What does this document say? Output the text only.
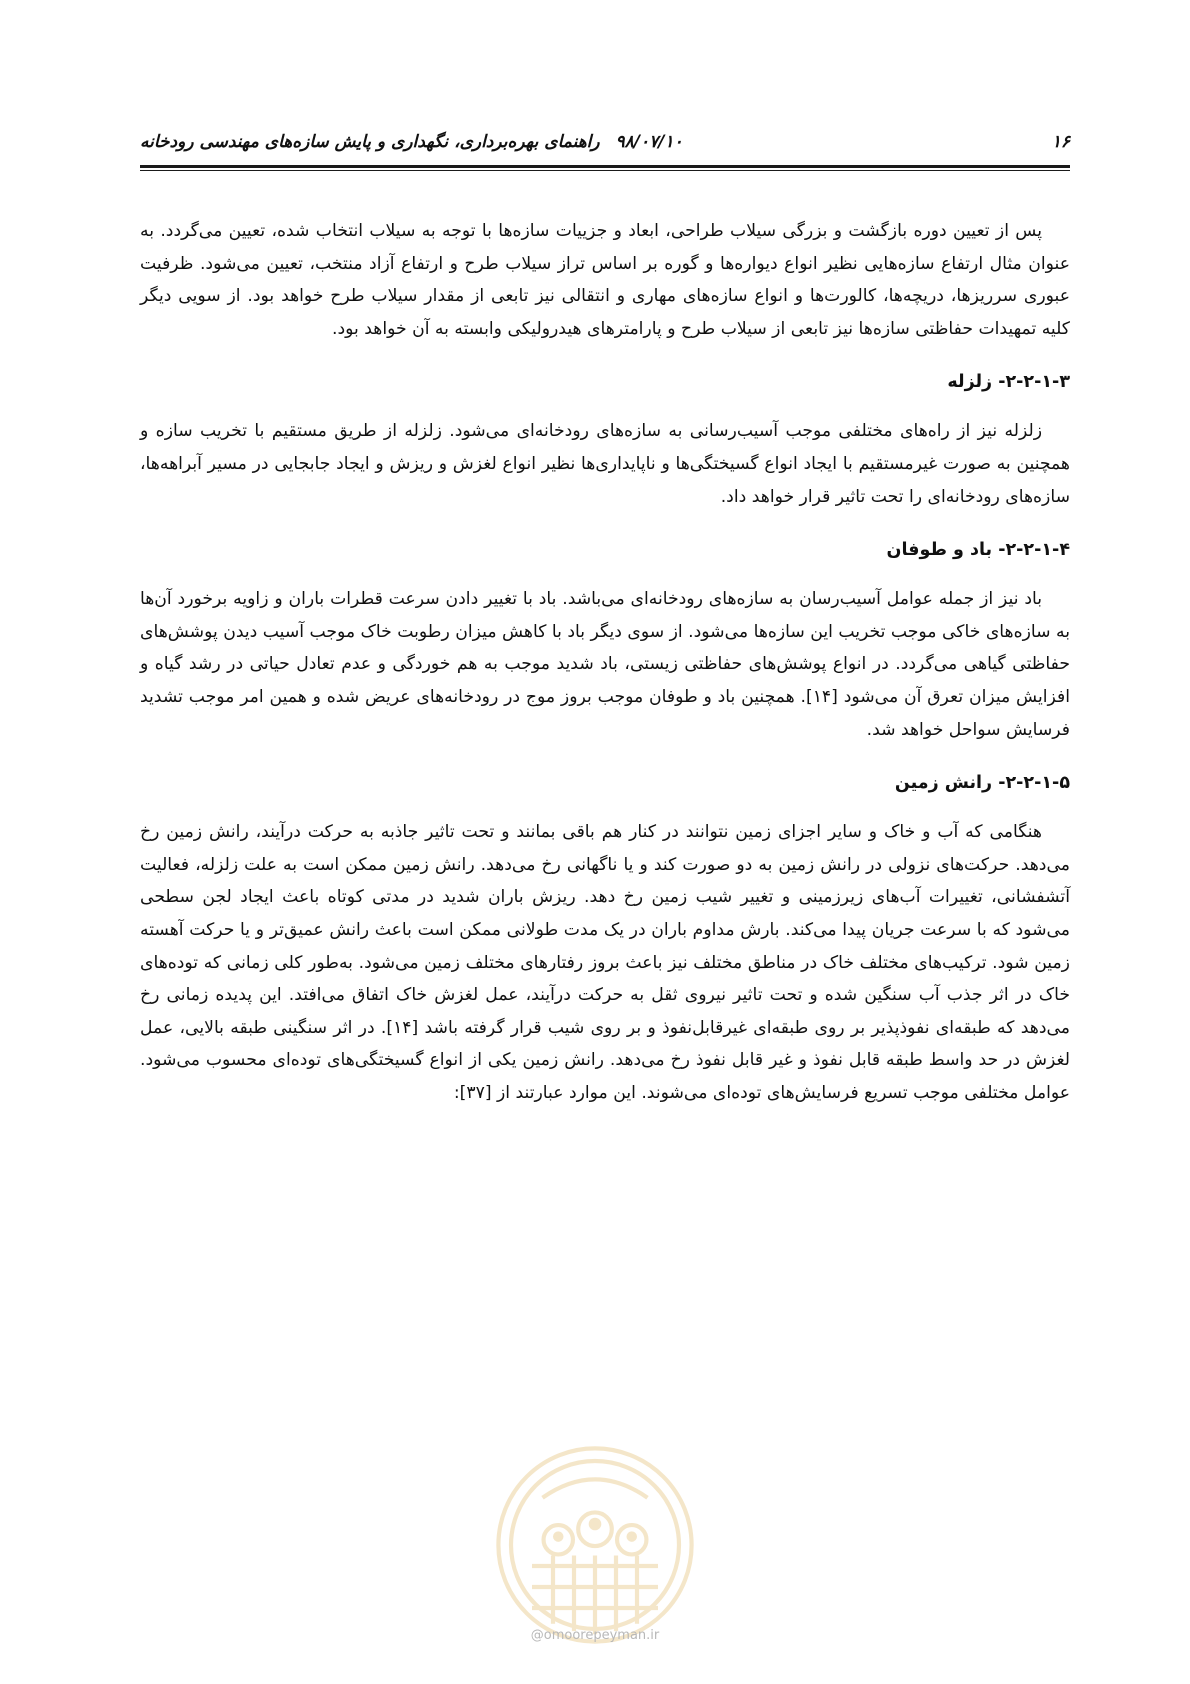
۱۶
۹۸/۰۷/۱۰ راهنمای بهره‌برداری، نگهداری و پایش سازه‌های مهندسی رودخانه

پس از تعیین دوره بازگشت و بزرگی سیلاب طراحی، ابعاد و جزییات سازه‌ها با توجه به سیلاب انتخاب شده، تعیین می‌گردد. به عنوان مثال ارتفاع سازه‌هایی نظیر انواع دیواره‌ها و گوره بر اساس تراز سیلاب طرح و ارتفاع آزاد منتخب، تعیین می‌شود. ظرفیت عبوری سرریزها، دریچه‌ها، کالورت‌ها و انواع سازه‌های مهاری و انتقالی نیز تابعی از مقدار سیلاب طرح خواهد بود. از سویی دیگر کلیه تمهیدات حفاظتی سازه‌ها نیز تابعی از سیلاب طرح و پارامترهای هیدرولیکی وابسته به آن خواهد بود.

۲-۲-۱-۳- زلزله

زلزله نیز از راه‌های مختلفی موجب آسیب‌رسانی به سازه‌های رودخانه‌ای می‌شود. زلزله از طریق مستقیم با تخریب سازه و همچنین به صورت غیرمستقیم با ایجاد انواع گسیختگی‌ها و ناپایداری‌ها نظیر انواع لغزش و ریزش و ایجاد جابجایی در مسیر آبراهه‌ها، سازه‌های رودخانه‌ای را تحت تاثیر قرار خواهد داد.

۲-۲-۱-۴- باد و طوفان

باد نیز از جمله عوامل آسیب‌رسان به سازه‌های رودخانه‌ای می‌باشد. باد با تغییر دادن سرعت قطرات باران و زاویه برخورد آن‌ها به سازه‌های خاکی موجب تخریب این سازه‌ها می‌شود. از سوی دیگر باد با کاهش میزان رطوبت خاک موجب آسیب دیدن پوشش‌های حفاظتی گیاهی می‌گردد. در انواع پوشش‌های حفاظتی زیستی، باد شدید موجب به هم خوردگی و عدم تعادل حیاتی در رشد گیاه و افزایش میزان تعرق آن می‌شود [۱۴]. همچنین باد و طوفان موجب بروز موج در رودخانه‌های عریض شده و همین امر موجب تشدید فرسایش سواحل خواهد شد.

۲-۲-۱-۵- رانش زمین

هنگامی که آب و خاک و سایر اجزای زمین نتوانند در کنار هم باقی بمانند و تحت تاثیر جاذبه به حرکت درآیند، رانش زمین رخ می‌دهد. حرکت‌های نزولی در رانش زمین به دو صورت کند و یا ناگهانی رخ می‌دهد. رانش زمین ممکن است به علت زلزله، فعالیت آتشفشانی، تغییرات آب‌های زیرزمینی و تغییر شیب زمین رخ دهد. ریزش باران شدید در مدتی کوتاه باعث ایجاد لجن سطحی می‌شود که با سرعت جریان پیدا می‌کند. بارش مداوم باران در یک مدت طولانی ممکن است باعث رانش عمیق‌تر و یا حرکت آهسته زمین شود. ترکیب‌های مختلف خاک در مناطق مختلف نیز باعث بروز رفتارهای مختلف زمین می‌شود. به‌طور کلی زمانی که توده‌های خاک در اثر جذب آب سنگین شده و تحت تاثیر نیروی ثقل به حرکت درآیند، عمل لغزش خاک اتفاق می‌افتد. این پدیده زمانی رخ می‌دهد که طبقه‌ای نفوذپذیر بر روی طبقه‌ای غیرقابل‌نفوذ و بر روی شیب قرار گرفته باشد [۱۴]. در اثر سنگینی طبقه بالایی، عمل لغزش در حد واسط طبقه قابل نفوذ و غیر قابل نفوذ رخ می‌دهد. رانش زمین یکی از انواع گسیختگی‌های توده‌ای محسوب می‌شود. عوامل مختلفی موجب تسریع فرسایش‌های توده‌ای می‌شوند. این موارد عبارتند از [۳۷]:

@omoorepeyman.ir
